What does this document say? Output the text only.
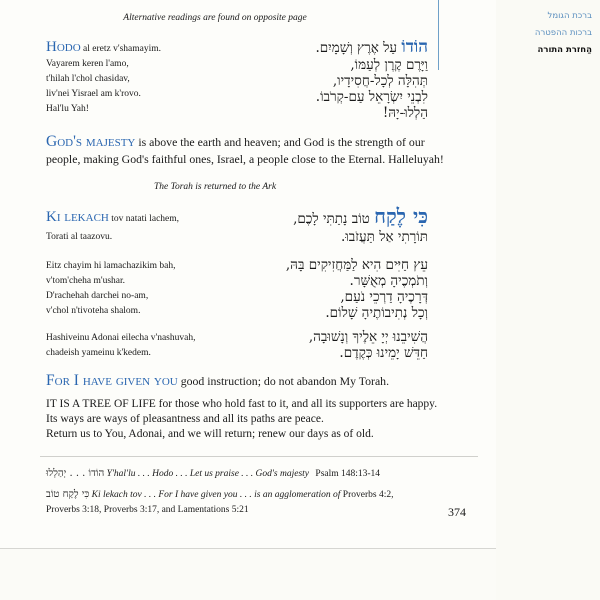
ברכת הגומל
ברכות ההפטרה
הַחזרת התורה
Alternative readings are found on opposite page
Hodo al eretz v'shamayim.
Vayarem keren l'amo,
t'hilah l'chol chasidav,
liv'nei Yisrael am k'rovo.
Hal'lu Yah!
הוֹדוֹ עַל אֶרֶץ וְשָׁמָיִם.
וַיָּרֶם קֶרֶן לְעַמּוֹ,
תְּהִלָּה לְכָל-חֲסִידָיו,
לִבְנֵי יִשְׂרָאֵל עַם-קְרֹבוֹ.
הַלְלוּ-יָהּ!
God's majesty is above the earth and heaven; and God is the strength of our
people, making God's faithful ones, Israel, a people close to the Eternal. Halleluyah!
The Torah is returned to the Ark
Ki lekach tov natati lachem,
Torati al taazovu.
כִּי לֶקַח טוֹב נָתַתִּי לָכֶם,
תּוֹרָתִי אַל תַּעֲזֹבוּ.
Eitz chayim hi lamachazikim bah,
v'tom'cheha m'ushar.
D'rachehah darchei no-am,
v'chol n'tivoteha shalom.
עֵץ חַיִּים הִיא לַמַּחֲזִיקִים בָּהּ,
וְתֹמְכֶיהָ מְאֻשָּׁר.
דְּרָכֶיהָ דַרְכֵי נֹעַם,
וְכָל נְתִיבוֹתֶיהָ שָׁלוֹם.
Hashiveinu Adonai eilecha v'nashuvah,
chadeish yameinu k'kedem.
הֲשִׁיבֵנוּ יְיָ אֵלֶיךָ וְנָשׁוּבָה,
חַדֵּשׁ יָמֵינוּ כְּקֶדֶם.
For I have given you good instruction; do not abandon My Torah.
IT IS A TREE OF LIFE for those who hold fast to it, and all its supporters are happy.
Its ways are ways of pleasantness and all its paths are peace.
Return us to You, Adonai, and we will return; renew our days as of old.
הוֹדוֹ . . . יְהַלְלוּ Y'hal'lu . . . Hodo . . . Let us praise . . . God's majesty Psalm 148:13-14
כִּי לֶקַח טוֹב Ki lekach tov . . . For I have given you . . . is an agglomeration of Proverbs 4:2,
Proverbs 3:18, Proverbs 3:17, and Lamentations 5:21	374
